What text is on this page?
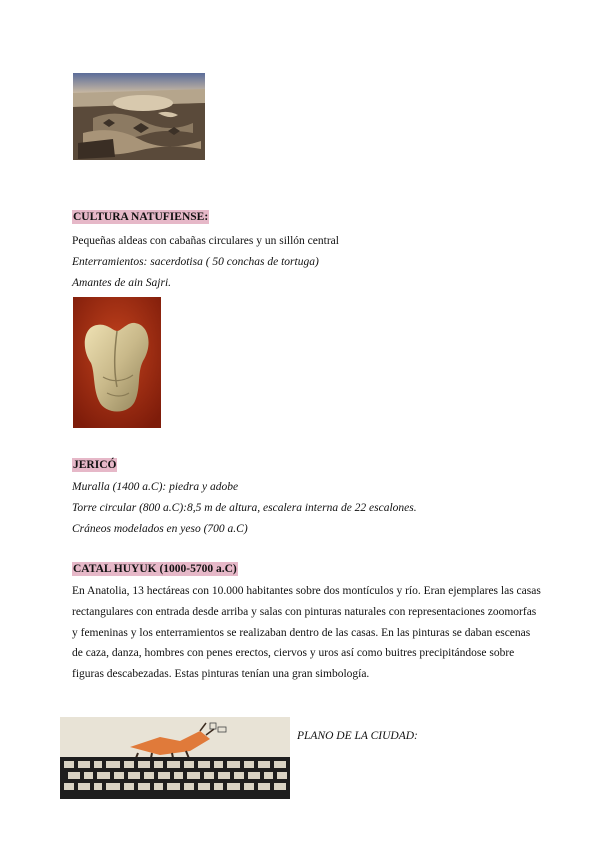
CULTURA NATUFIENSE:
Pequeñas aldeas con cabañas circulares y un sillón central
Enterramientos: sacerdotisa ( 50 conchas de tortuga)
Amantes de ain Sajri.
JERICÓ
Muralla (1400 a.C): piedra y adobe
Torre circular (800 a.C):8,5 m de altura, escalera interna de 22 escalones.
Cráneos modelados en yeso (700 a.C)
CATAL HUYUK (1000-5700 a.C)
En Anatolia, 13 hectáreas con 10.000 habitantes sobre dos montículos y río. Eran ejemplares las casas rectangulares con entrada desde arriba y salas con pinturas naturales con representaciones zoomorfas y femeninas y los enterramientos se realizaban dentro de las casas. En las pinturas se daban escenas de caza, danza, hombres con penes erectos, ciervos y uros así como buitres precipitándose sobre figuras descabezadas. Estas pinturas tenían una gran simbología.
PLANO DE LA CIUDAD:
